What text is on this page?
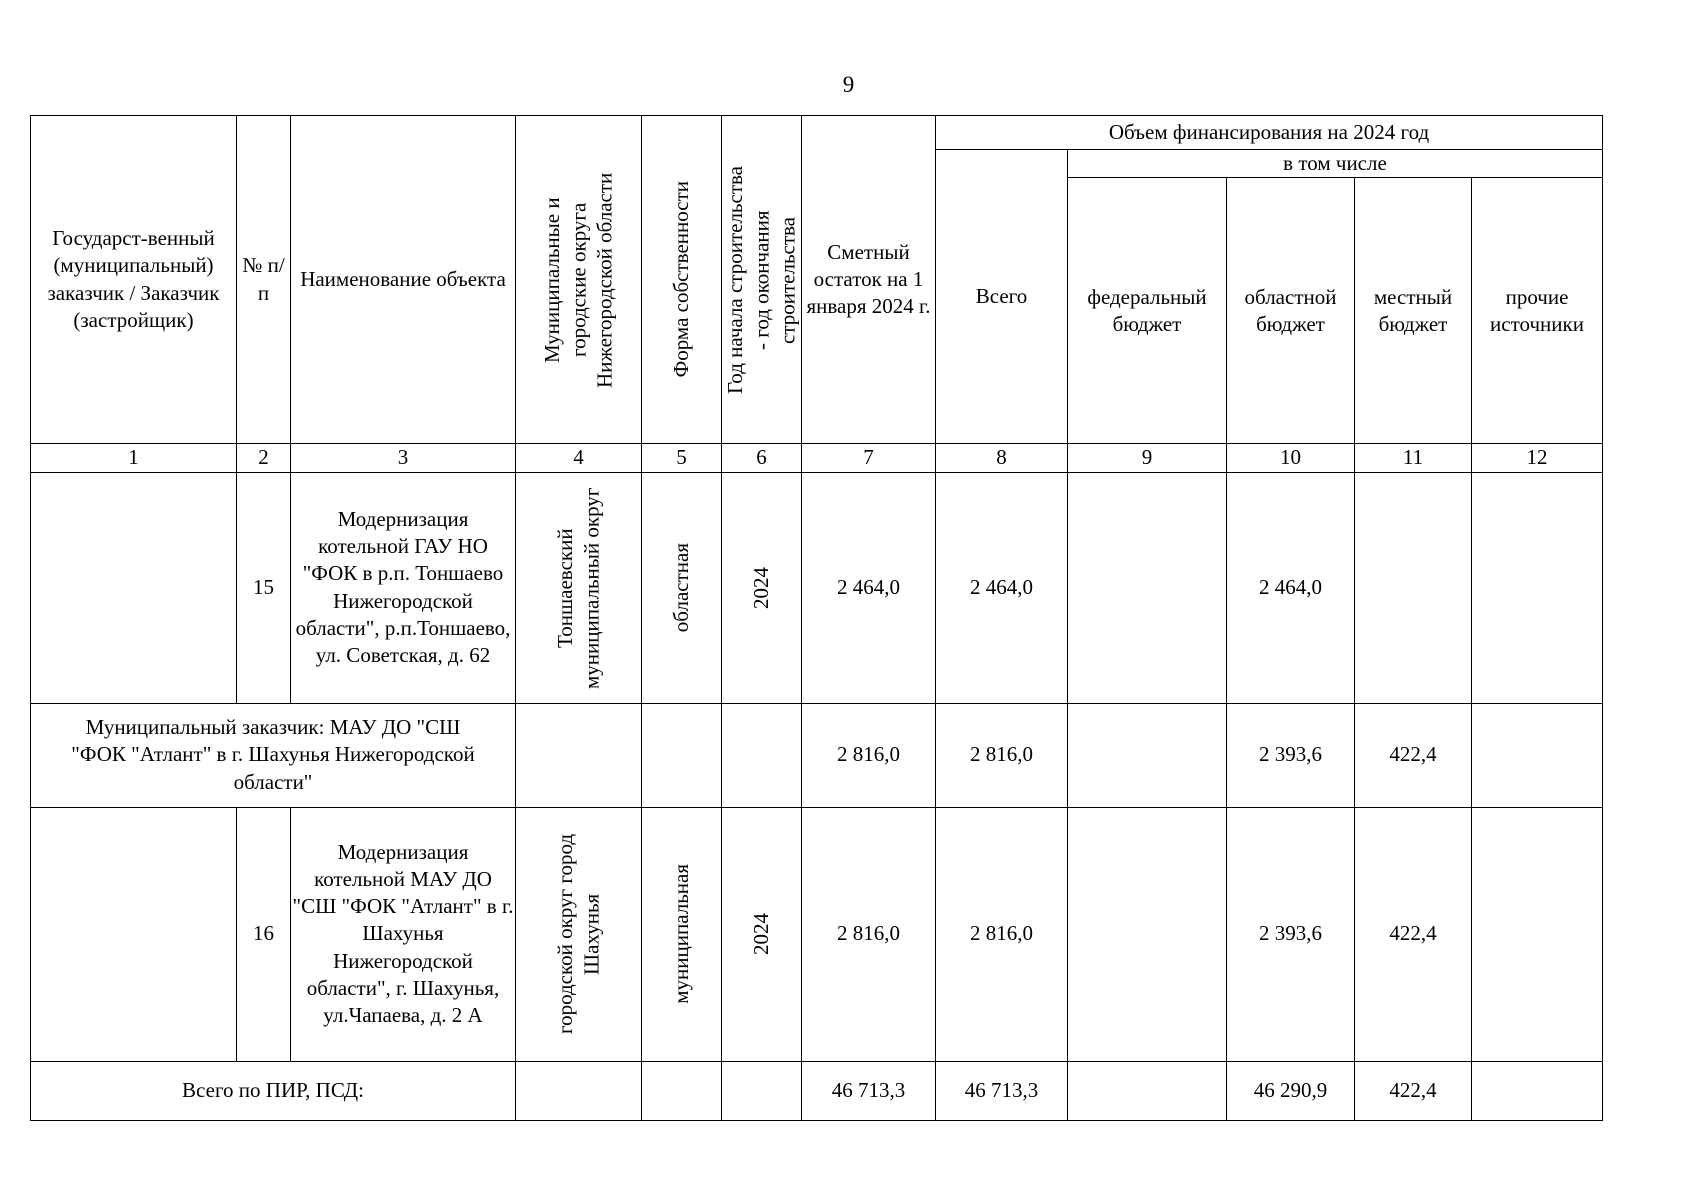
9
Государст-венный (муниципальный) заказчик / Заказчик (застройщик)	№ п/п	Наименование объекта	Муниципальные и городские округа Нижегородской области	Форма собственности	Год начала строительства - год окончания строительства	Сметный остаток на 1 января 2024 г.	Объем финансирования на 2024 год				
							Всего	в том числе			
								федеральный бюджет	областной бюджет	местный бюджет	прочие источники
1	2	3	4	5	6	7	8	9	10	11	12
	15	Модернизация котельной ГАУ НО "ФОК в р.п. Тоншаево Нижегородской области", р.п.Тоншаево, ул. Советская, д. 62	Тоншаевский муниципальный округ	областная	2024	2 464,0	2 464,0		2 464,0		
Муниципальный заказчик: МАУ ДО "СШ "ФОК "Атлант" в г. Шахунья Нижегородской области"						2 816,0	2 816,0		2 393,6	422,4	
	16	Модернизация котельной МАУ ДО "СШ "ФОК "Атлант" в г. Шахунья Нижегородской области", г. Шахунья, ул.Чапаева, д. 2 А	городской округ город Шахунья	муниципальная	2024	2 816,0	2 816,0		2 393,6	422,4	
Всего по ПИР, ПСД:						46 713,3	46 713,3		46 290,9	422,4	
